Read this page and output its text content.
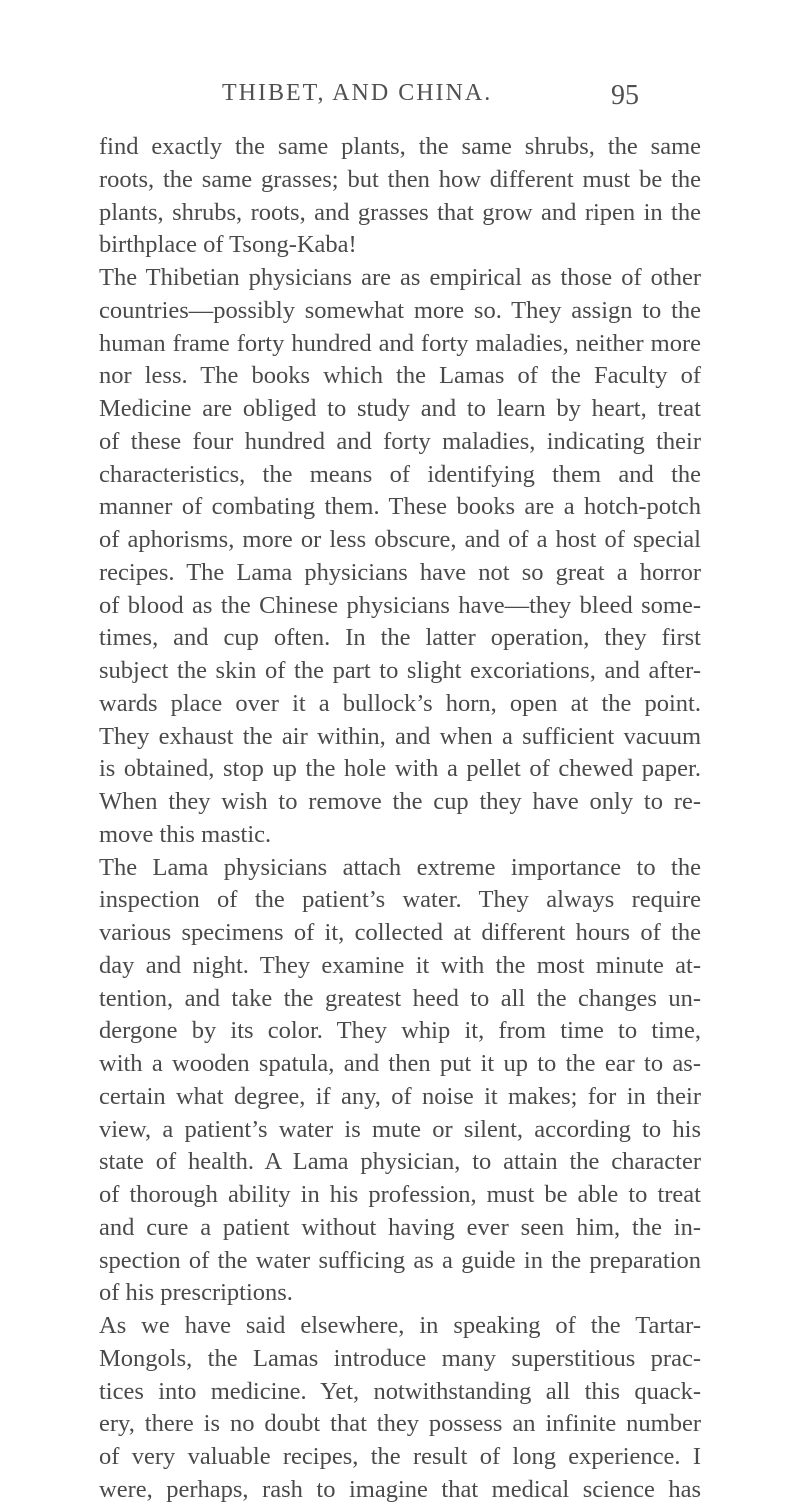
THIBET, AND CHINA.	95
find exactly the same plants, the same shrubs, the same
roots, the same grasses; but then how different must be the
plants, shrubs, roots, and grasses that grow and ripen in the
birthplace of Tsong-Kaba!
The Thibetian physicians are as empirical as those of other
countries—possibly somewhat more so. They assign to the
human frame forty hundred and forty maladies, neither more
nor less. The books which the Lamas of the Faculty of
Medicine are obliged to study and to learn by heart, treat
of these four hundred and forty maladies, indicating their
characteristics, the means of identifying them and the
manner of combating them. These books are a hotch-potch
of aphorisms, more or less obscure, and of a host of special
recipes. The Lama physicians have not so great a horror
of blood as the Chinese physicians have—they bleed some-
times, and cup often. In the latter operation, they first
subject the skin of the part to slight excoriations, and after-
wards place over it a bullock’s horn, open at the point.
They exhaust the air within, and when a sufficient vacuum
is obtained, stop up the hole with a pellet of chewed paper.
When they wish to remove the cup they have only to re-
move this mastic.
The Lama physicians attach extreme importance to the
inspection of the patient’s water. They always require
various specimens of it, collected at different hours of the
day and night. They examine it with the most minute at-
tention, and take the greatest heed to all the changes un-
dergone by its color. They whip it, from time to time,
with a wooden spatula, and then put it up to the ear to as-
certain what degree, if any, of noise it makes; for in their
view, a patient’s water is mute or silent, according to his
state of health. A Lama physician, to attain the character
of thorough ability in his profession, must be able to treat
and cure a patient without having ever seen him, the in-
spection of the water sufficing as a guide in the preparation
of his prescriptions.
As we have said elsewhere, in speaking of the Tartar-
Mongols, the Lamas introduce many superstitious prac-
tices into medicine. Yet, notwithstanding all this quack-
ery, there is no doubt that they possess an infinite number
of very valuable recipes, the result of long experience. I
were, perhaps, rash to imagine that medical science has
